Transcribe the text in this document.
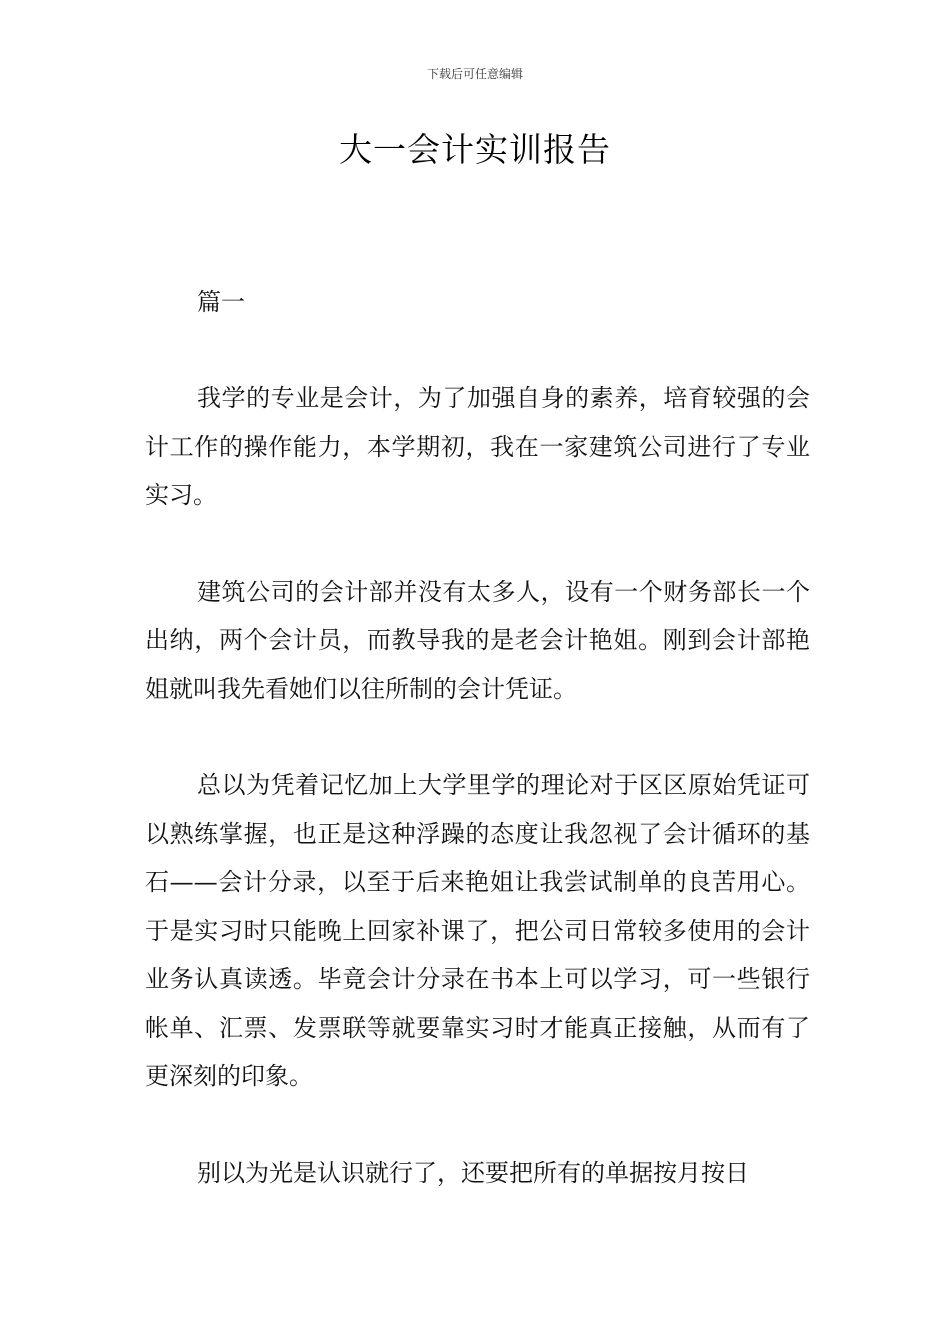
下载后可任意编辑
大一会计实训报告

篇一

我学的专业是会计，为了加强自身的素养，培育较强的会计工作的操作能力，本学期初，我在一家建筑公司进行了专业实习。

建筑公司的会计部并没有太多人，设有一个财务部长一个出纳，两个会计员，而教导我的是老会计艳姐。刚到会计部艳姐就叫我先看她们以往所制的会计凭证。

总以为凭着记忆加上大学里学的理论对于区区原始凭证可以熟练掌握，也正是这种浮躁的态度让我忽视了会计循环的基石——会计分录，以至于后来艳姐让我尝试制单的良苦用心。于是实习时只能晚上回家补课了，把公司日常较多使用的会计业务认真读透。毕竟会计分录在书本上可以学习，可一些银行帐单、汇票、发票联等就要靠实习时才能真正接触，从而有了更深刻的印象。

别以为光是认识就行了，还要把所有的单据按月按日
